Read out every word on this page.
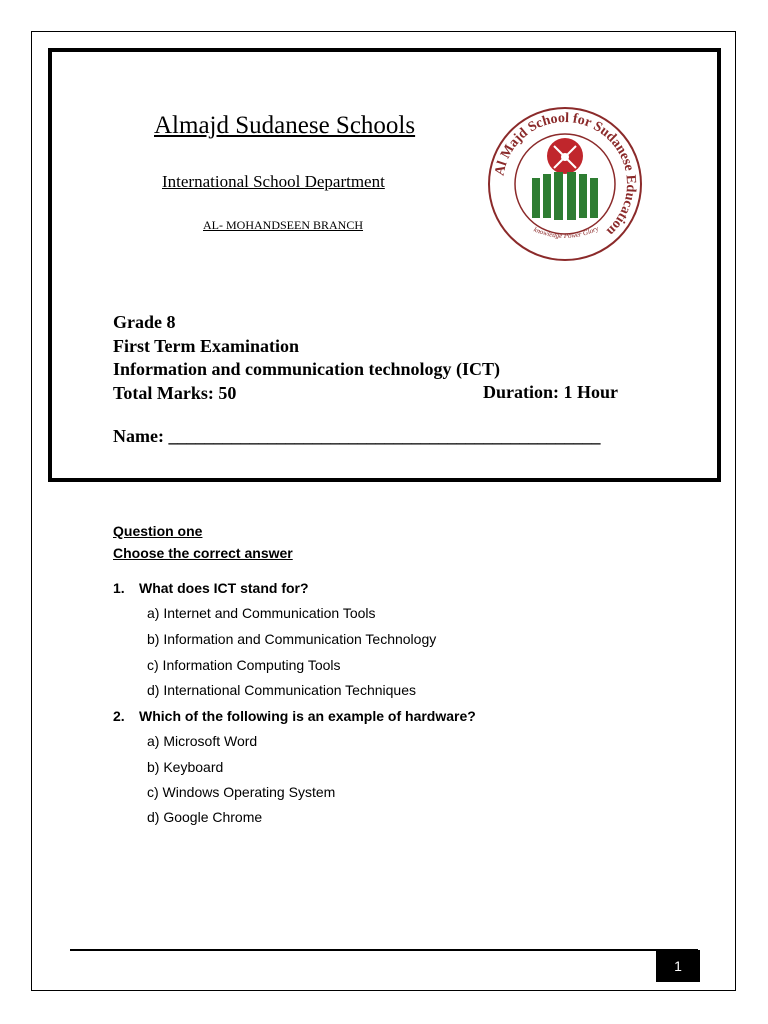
Almajd Sudanese Schools
International School Department
AL- MOHANDSEEN BRANCH
Al Majd School for Sudanese Education
knowledge Power Glory
Grade 8
First Term Examination
Information and communication technology (ICT)
Total Marks: 50	Duration: 1 Hour
Name: ________________________________________________
Question one
Choose the correct answer
1. What does ICT stand for?
a) Internet and Communication Tools
b) Information and Communication Technology
c) Information Computing Tools
d) International Communication Techniques
2. Which of the following is an example of hardware?
a) Microsoft Word
b) Keyboard
c) Windows Operating System
d) Google Chrome
1
